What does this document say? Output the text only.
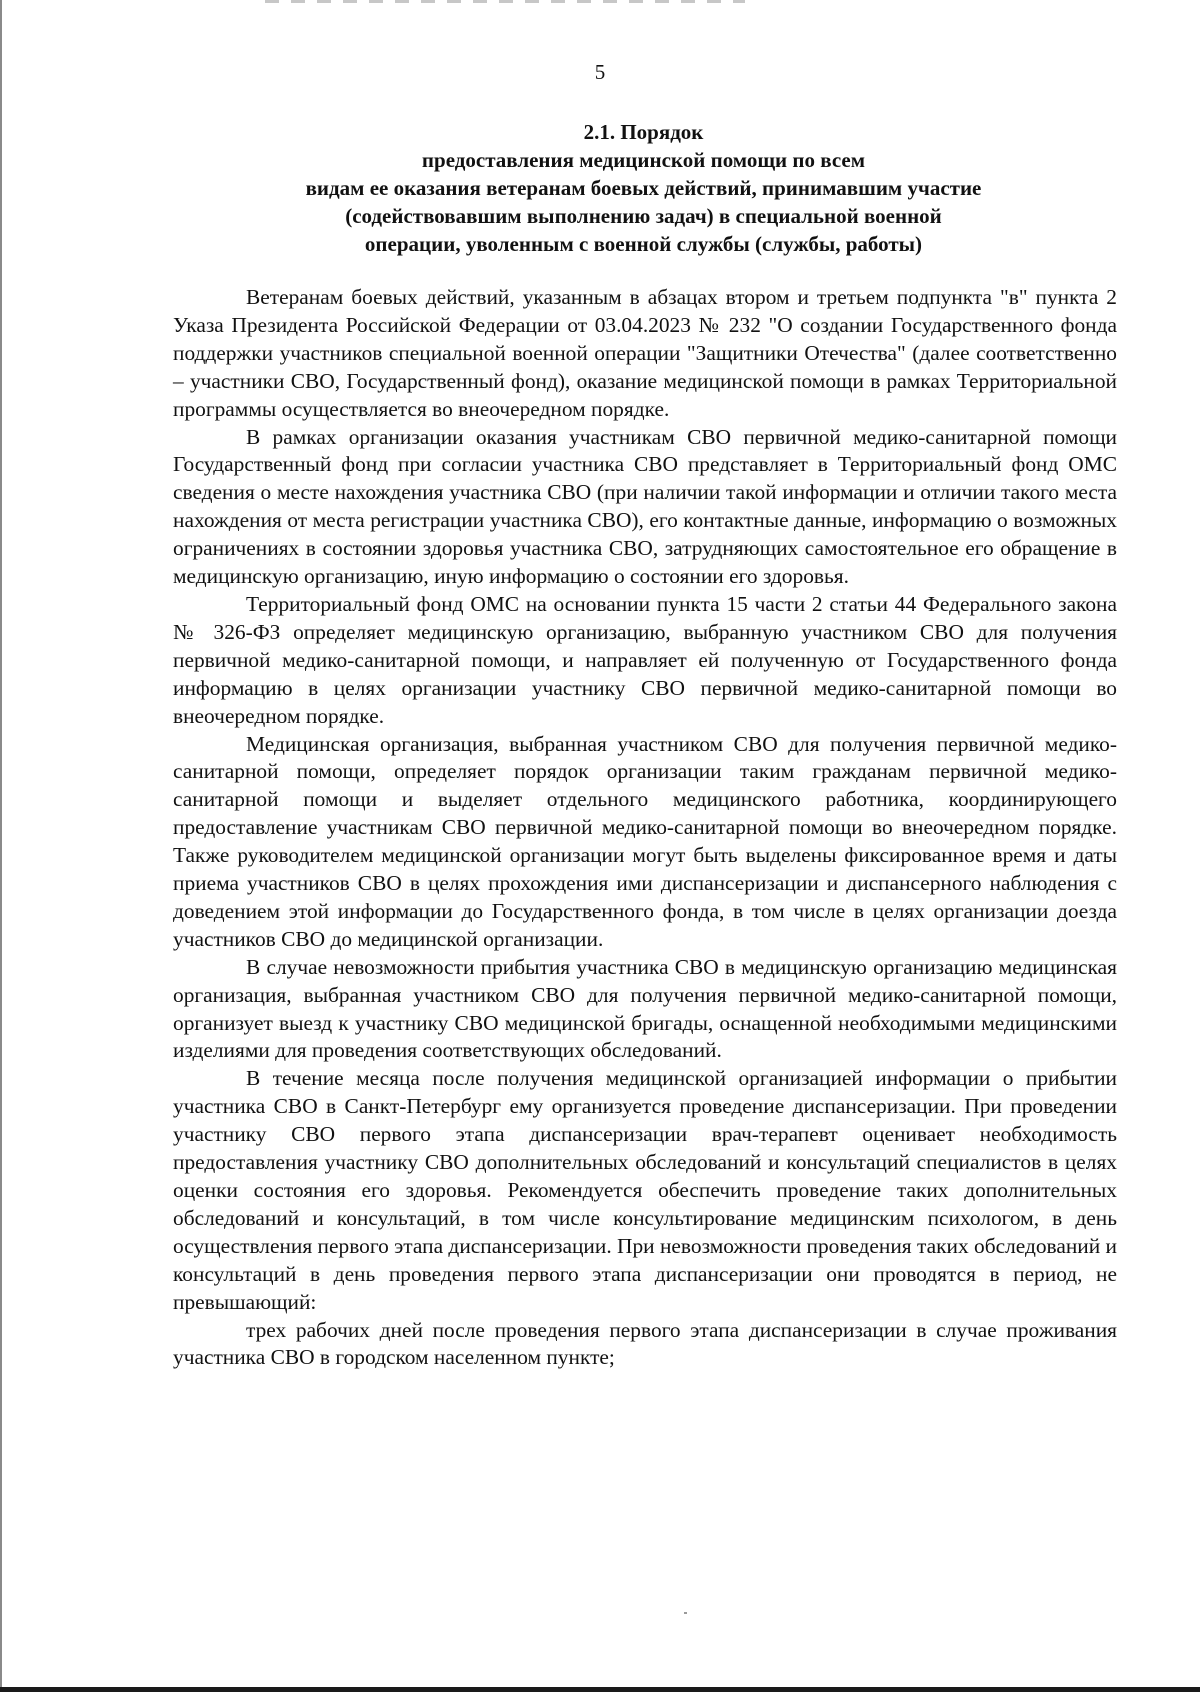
5
2.1. Порядок
предоставления медицинской помощи по всем
видам ее оказания ветеранам боевых действий, принимавшим участие
(содействовавшим выполнению задач) в специальной военной
операции, уволенным с военной службы (службы, работы)

Ветеранам боевых действий, указанным в абзацах втором и третьем подпункта "в" пункта 2 Указа Президента Российской Федерации от 03.04.2023 № 232 "О создании Государственного фонда поддержки участников специальной военной операции "Защитники Отечества" (далее соответственно – участники СВО, Государственный фонд), оказание медицинской помощи в рамках Территориальной программы осуществляется во внеочередном порядке.

В рамках организации оказания участникам СВО первичной медико-санитарной помощи Государственный фонд при согласии участника СВО представляет в Территориальный фонд ОМС сведения о месте нахождения участника СВО (при наличии такой информации и отличии такого места нахождения от места регистрации участника СВО), его контактные данные, информацию о возможных ограничениях в состоянии здоровья участника СВО, затрудняющих самостоятельное его обращение в медицинскую организацию, иную информацию о состоянии его здоровья.

Территориальный фонд ОМС на основании пункта 15 части 2 статьи 44 Федерального закона № 326-ФЗ определяет медицинскую организацию, выбранную участником СВО для получения первичной медико-санитарной помощи, и направляет ей полученную от Государственного фонда информацию в целях организации участнику СВО первичной медико-санитарной помощи во внеочередном порядке.

Медицинская организация, выбранная участником СВО для получения первичной медико-санитарной помощи, определяет порядок организации таким гражданам первичной медико-санитарной помощи и выделяет отдельного медицинского работника, координирующего предоставление участникам СВО первичной медико-санитарной помощи во внеочередном порядке. Также руководителем медицинской организации могут быть выделены фиксированное время и даты приема участников СВО в целях прохождения ими диспансеризации и диспансерного наблюдения с доведением этой информации до Государственного фонда, в том числе в целях организации доезда участников СВО до медицинской организации.

В случае невозможности прибытия участника СВО в медицинскую организацию медицинская организация, выбранная участником СВО для получения первичной медико-санитарной помощи, организует выезд к участнику СВО медицинской бригады, оснащенной необходимыми медицинскими изделиями для проведения соответствующих обследований.

В течение месяца после получения медицинской организацией информации о прибытии участника СВО в Санкт-Петербург ему организуется проведение диспансеризации. При проведении участнику СВО первого этапа диспансеризации врач-терапевт оценивает необходимость предоставления участнику СВО дополнительных обследований и консультаций специалистов в целях оценки состояния его здоровья. Рекомендуется обеспечить проведение таких дополнительных обследований и консультаций, в том числе консультирование медицинским психологом, в день осуществления первого этапа диспансеризации. При невозможности проведения таких обследований и консультаций в день проведения первого этапа диспансеризации они проводятся в период, не превышающий:

трех рабочих дней после проведения первого этапа диспансеризации в случае проживания участника СВО в городском населенном пункте;
